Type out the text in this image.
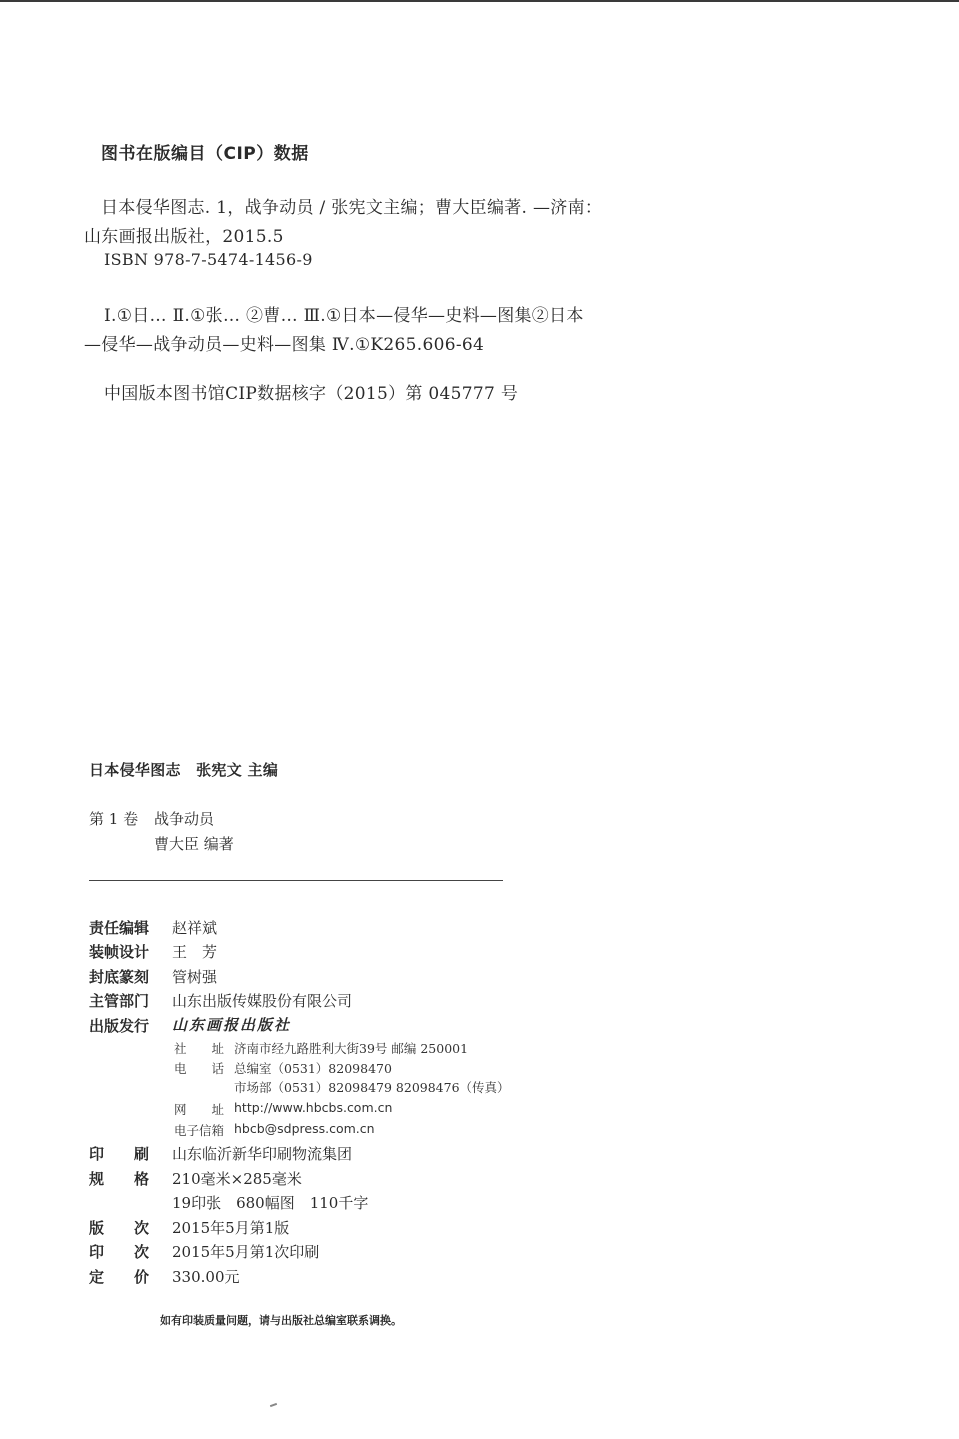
图书在版编目（CIP）数据
日本侵华图志. 1，战争动员 / 张宪文主编；曹大臣编著. —济南：
山东画报出版社，2015.5
ISBN 978-7-5474-1456-9
Ⅰ.①日… Ⅱ.①张… ②曹… Ⅲ.①日本—侵华—史料—图集②日本
—侵华—战争动员—史料—图集 Ⅳ.①K265.606-64
中国版本图书馆CIP数据核字（2015）第 045777 号
日本侵华图志　张宪文 主编
第 1 卷 战争动员
曹大臣 编著
责任编辑 赵祥斌
装帧设计 王　芳
封底篆刻 管树强
主管部门 山东出版传媒股份有限公司
出版发行 山东画报出版社
社　　址 济南市经九路胜利大街39号 邮编 250001
电　　话 总编室（0531）82098470
市场部（0531）82098479 82098476（传真）
网　　址 http://www.hbcbs.com.cn
电子信箱 hbcb@sdpress.com.cn
印　　刷 山东临沂新华印刷物流集团
规　　格 210毫米×285毫米
19印张　680幅图　110千字
版　　次 2015年5月第1版
印　　次 2015年5月第1次印刷
定　　价 330.00元
如有印装质量问题，请与出版社总编室联系调换。
